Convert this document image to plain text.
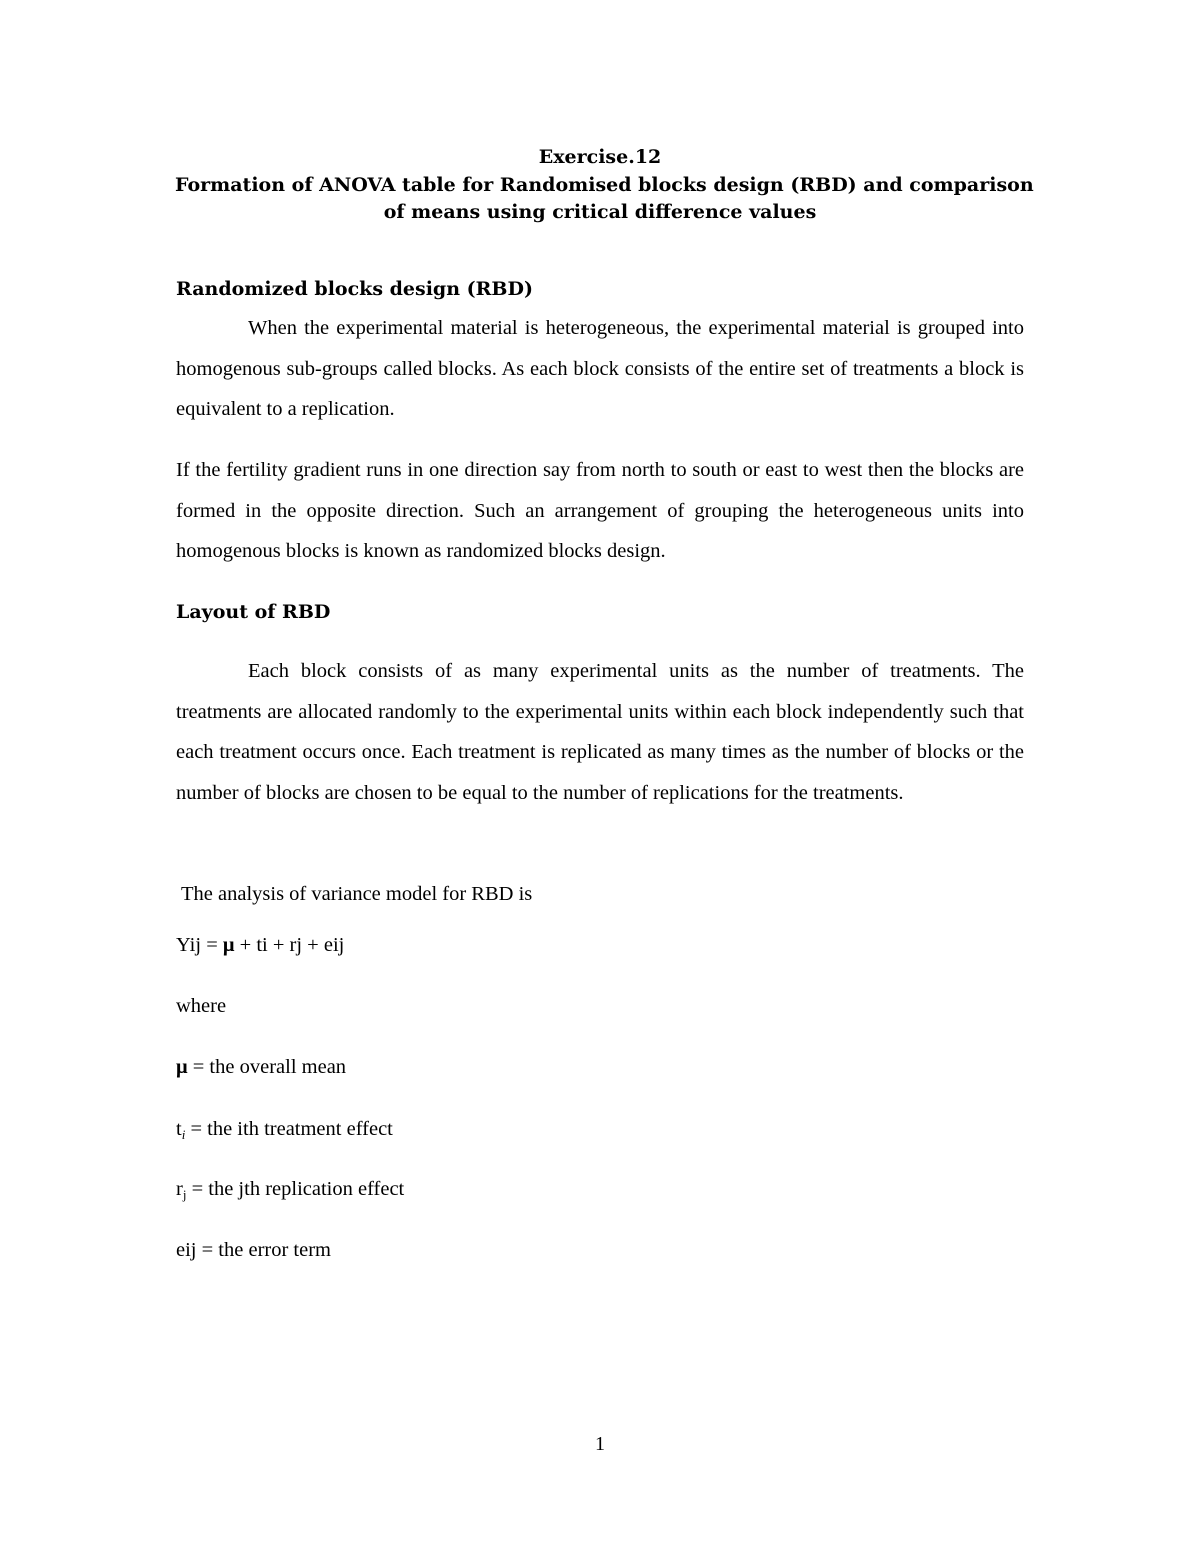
Exercise.12
Formation of ANOVA table for Randomised blocks design (RBD) and comparison
of means using critical difference values
Randomized blocks design (RBD)
When the experimental material is heterogeneous, the experimental material is grouped into homogenous sub-groups called blocks. As each block consists of the entire set of treatments a block is equivalent to a replication.
If the fertility gradient runs in one direction say from north to south or east to west then the blocks are formed in the opposite direction. Such an arrangement of grouping the heterogeneous units into homogenous blocks is known as randomized blocks design.
Layout of RBD
Each block consists of as many experimental units as the number of treatments. The treatments are allocated randomly to the experimental units within each block independently such that each treatment occurs once. Each treatment is replicated as many times as the number of blocks or the number of blocks are chosen to be equal to the number of replications for the treatments.
The analysis of variance model for RBD is
Yij = μ + ti + rj + eij
where
μ = the overall mean
$t_i$ = the ith treatment effect
$r_j$ = the jth replication effect
eij = the error term
1
